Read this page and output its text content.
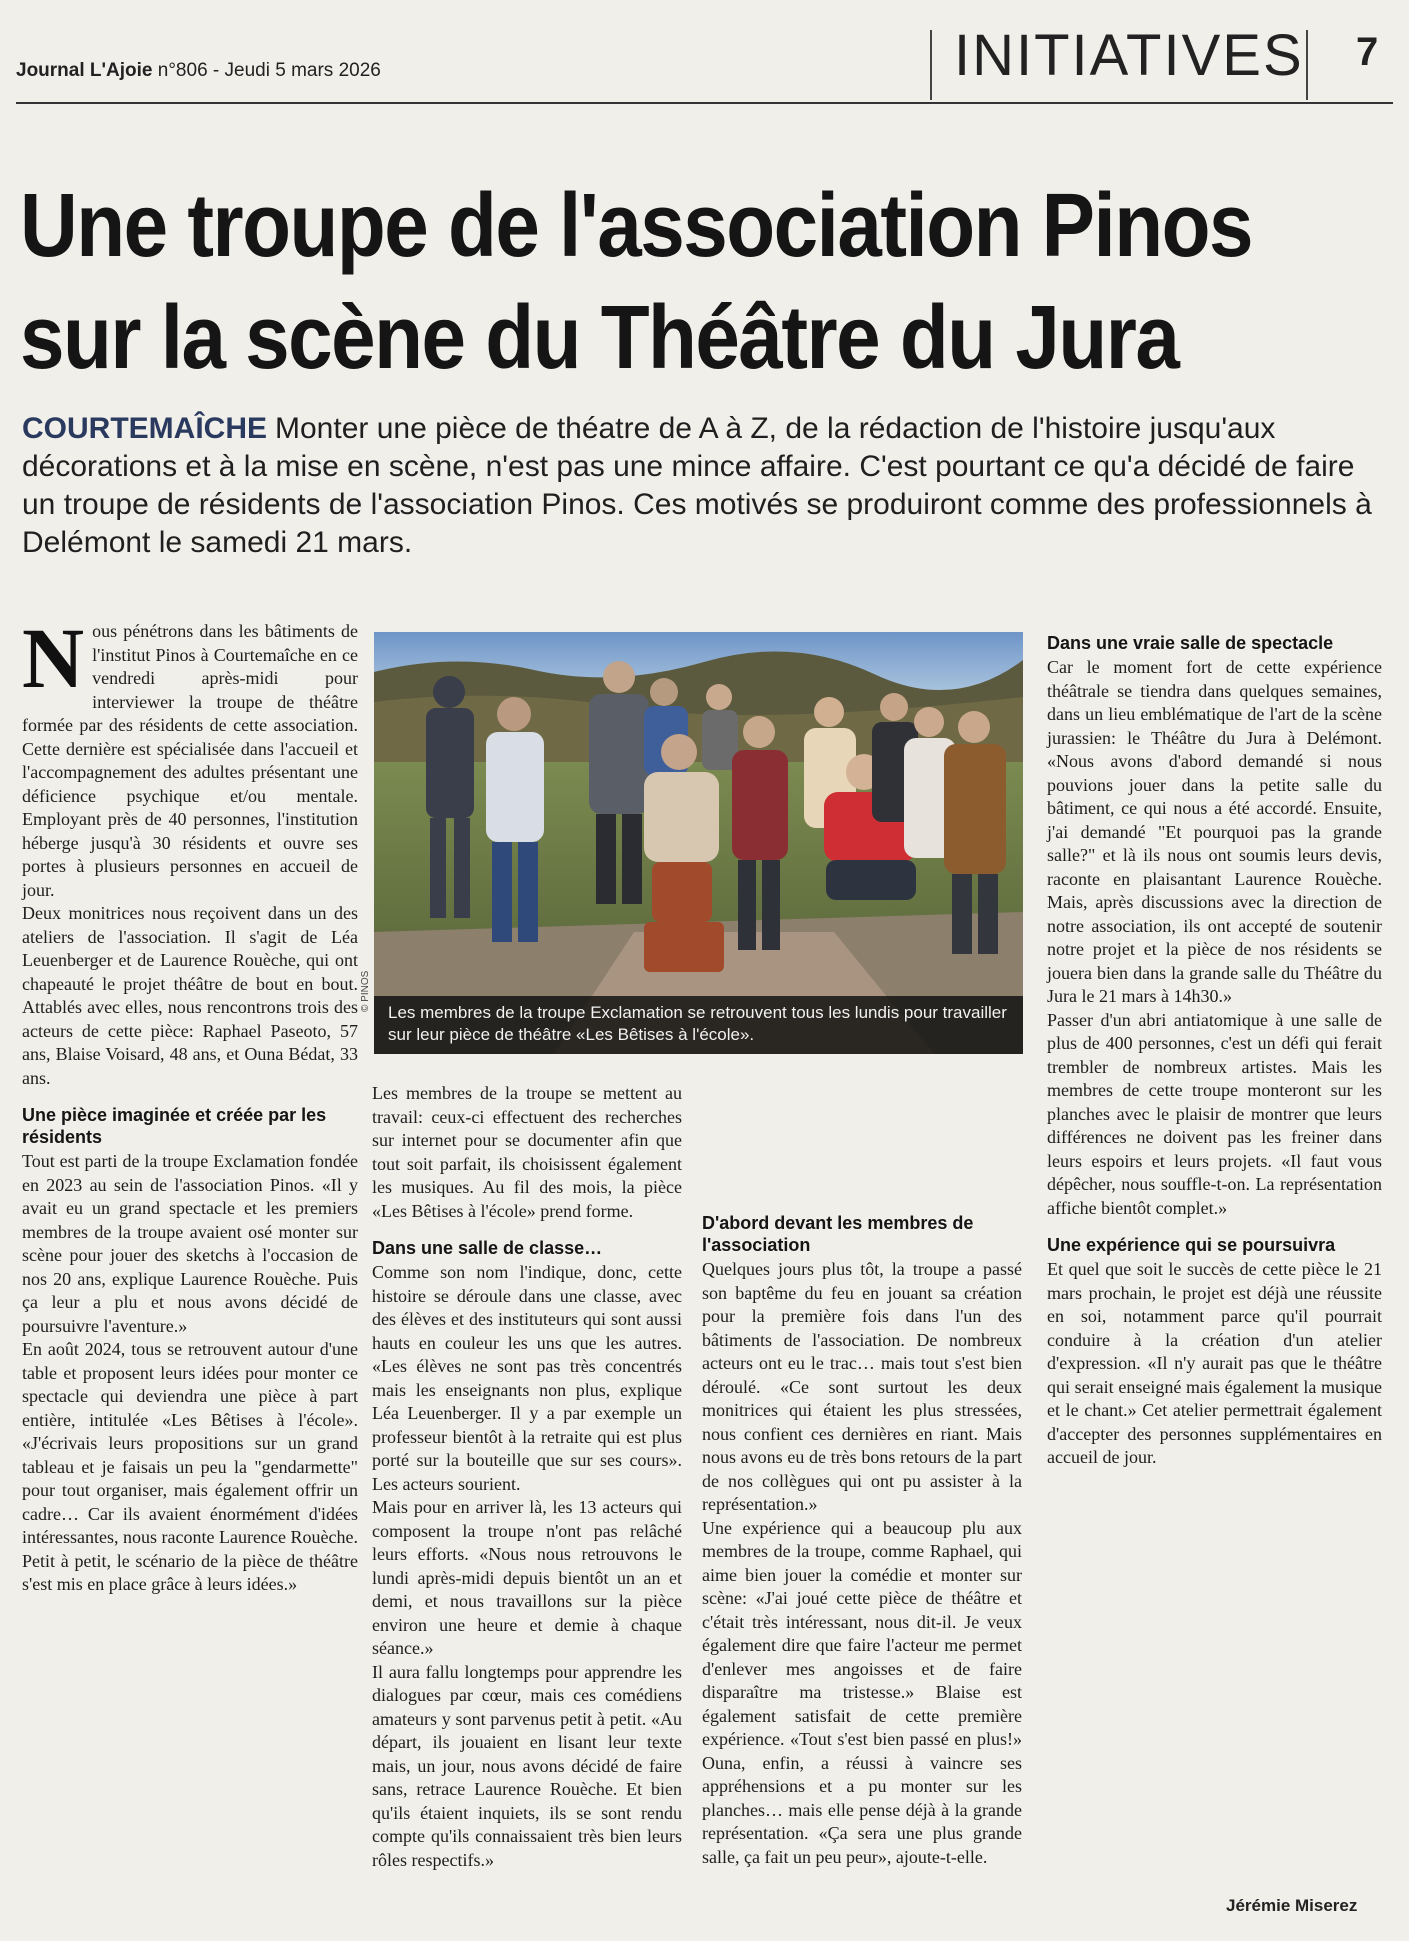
Journal L'Ajoie n°806 - Jeudi 5 mars 2026	INITIATIVES 7
Une troupe de l'association Pinos
sur la scène du Théâtre du Jura

COURTEMAÎCHE Monter une pièce de théatre de A à Z, de la rédaction de l'histoire jusqu'aux décorations et à la mise en scène, n'est pas une mince affaire. C'est pourtant ce qu'a décidé de faire un troupe de résidents de l'association Pinos. Ces motivés se produiront comme des professionnels à Delémont le samedi 21 mars.

Nous pénétrons dans les bâtiments de l'institut Pinos à Courtemaîche en ce vendredi après-midi pour interviewer la troupe de théâtre formée par des résidents de cette association. Cette dernière est spécialisée dans l'accueil et l'accompagnement des adultes présentant une déficience psychique et/ou mentale. Employant près de 40 personnes, l'institution héberge jusqu'à 30 résidents et ouvre ses portes à plusieurs personnes en accueil de jour.

Deux monitrices nous reçoivent dans un des ateliers de l'association. Il s'agit de Léa Leuenberger et de Laurence Rouèche, qui ont chapeauté le projet théâtre de bout en bout. Attablés avec elles, nous rencontrons trois des acteurs de cette pièce: Raphael Paseoto, 57 ans, Blaise Voisard, 48 ans, et Ouna Bédat, 33 ans.

Une pièce imaginée et créée par les résidents

Tout est parti de la troupe Exclamation fondée en 2023 au sein de l'association Pinos. «Il y avait eu un grand spectacle et les premiers membres de la troupe avaient osé monter sur scène pour jouer des sketchs à l'occasion de nos 20 ans, explique Laurence Rouèche. Puis ça leur a plu et nous avons décidé de poursuivre l'aventure.»

En août 2024, tous se retrouvent autour d'une table et proposent leurs idées pour monter ce spectacle qui deviendra une pièce à part entière, intitulée «Les Bêtises à l'école». «J'écrivais leurs propositions sur un grand tableau et je faisais un peu la "gendarmette" pour tout organiser, mais également offrir un cadre… Car ils avaient énormément d'idées intéressantes, nous raconte Laurence Rouèche. Petit à petit, le scénario de la pièce de théâtre s'est mis en place grâce à leurs idées.»

Les membres de la troupe Exclamation se retrouvent tous les lundis pour travailler sur leur pièce de théâtre «Les Bêtises à l'école».
© PINOS

Les membres de la troupe se mettent au travail: ceux-ci effectuent des recherches sur internet pour se documenter afin que tout soit parfait, ils choisissent également les musiques. Au fil des mois, la pièce «Les Bêtises à l'école» prend forme.

Dans une salle de classe…

Comme son nom l'indique, donc, cette histoire se déroule dans une classe, avec des élèves et des instituteurs qui sont aussi hauts en couleur les uns que les autres. «Les élèves ne sont pas très concentrés mais les enseignants non plus, explique Léa Leuenberger. Il y a par exemple un professeur bientôt à la retraite qui est plus porté sur la bouteille que sur ses cours». Les acteurs sourient.

Mais pour en arriver là, les 13 acteurs qui composent la troupe n'ont pas relâché leurs efforts. «Nous nous retrouvons le lundi après-midi depuis bientôt un an et demi, et nous travaillons sur la pièce environ une heure et demie à chaque séance.»

Il aura fallu longtemps pour apprendre les dialogues par cœur, mais ces comédiens amateurs y sont parvenus petit à petit. «Au départ, ils jouaient en lisant leur texte mais, un jour, nous avons décidé de faire sans, retrace Laurence Rouèche. Et bien qu'ils étaient inquiets, ils se sont rendu compte qu'ils connaissaient très bien leurs rôles respectifs.»

D'abord devant les membres de l'association

Quelques jours plus tôt, la troupe a passé son baptême du feu en jouant sa création pour la première fois dans l'un des bâtiments de l'association. De nombreux acteurs ont eu le trac… mais tout s'est bien déroulé. «Ce sont surtout les deux monitrices qui étaient les plus stressées, nous confient ces dernières en riant. Mais nous avons eu de très bons retours de la part de nos collègues qui ont pu assister à la représentation.»

Une expérience qui a beaucoup plu aux membres de la troupe, comme Raphael, qui aime bien jouer la comédie et monter sur scène: «J'ai joué cette pièce de théâtre et c'était très intéressant, nous dit-il. Je veux également dire que faire l'acteur me permet d'enlever mes angoisses et de faire disparaître ma tristesse.» Blaise est également satisfait de cette première expérience. «Tout s'est bien passé en plus!» Ouna, enfin, a réussi à vaincre ses appréhensions et a pu monter sur les planches… mais elle pense déjà à la grande représentation. «Ça sera une plus grande salle, ça fait un peu peur», ajoute-t-elle.

Dans une vraie salle de spectacle

Car le moment fort de cette expérience théâtrale se tiendra dans quelques semaines, dans un lieu emblématique de l'art de la scène jurassien: le Théâtre du Jura à Delémont. «Nous avons d'abord demandé si nous pouvions jouer dans la petite salle du bâtiment, ce qui nous a été accordé. Ensuite, j'ai demandé "Et pourquoi pas la grande salle?" et là ils nous ont soumis leurs devis, raconte en plaisantant Laurence Rouèche. Mais, après discussions avec la direction de notre association, ils ont accepté de soutenir notre projet et la pièce de nos résidents se jouera bien dans la grande salle du Théâtre du Jura le 21 mars à 14h30.»

Passer d'un abri antiatomique à une salle de plus de 400 personnes, c'est un défi qui ferait trembler de nombreux artistes. Mais les membres de cette troupe monteront sur les planches avec le plaisir de montrer que leurs différences ne doivent pas les freiner dans leurs espoirs et leurs projets. «Il faut vous dépêcher, nous souffle-t-on. La représentation affiche bientôt complet.»

Une expérience qui se poursuivra

Et quel que soit le succès de cette pièce le 21 mars prochain, le projet est déjà une réussite en soi, notamment parce qu'il pourrait conduire à la création d'un atelier d'expression. «Il n'y aurait pas que le théâtre qui serait enseigné mais également la musique et le chant.» Cet atelier permettrait également d'accepter des personnes supplémentaires en accueil de jour.

Jérémie Miserez
